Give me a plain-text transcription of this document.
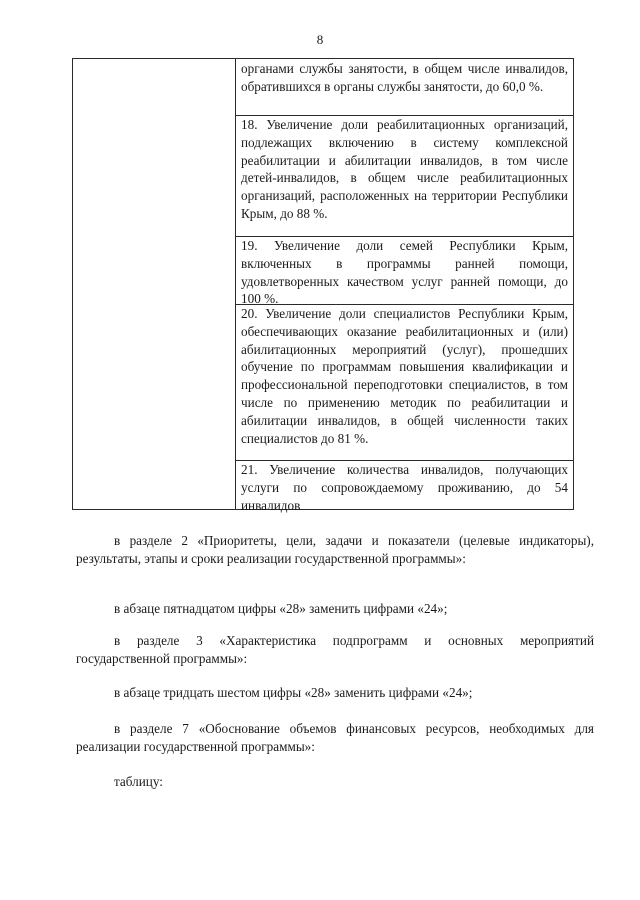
8
органами службы занятости, в общем числе инвалидов, обратившихся в органы службы занятости, до 60,0 %.
18. Увеличение доли реабилитационных организаций, подлежащих включению в систему комплексной реабилитации и абилитации инвалидов, в том числе детей-инвалидов, в общем числе реабилитационных организаций, расположенных на территории Республики Крым, до 88 %.
19. Увеличение доли семей Республики Крым, включенных в программы ранней помощи, удовлетворенных качеством услуг ранней помощи, до 100 %.
20. Увеличение доли специалистов Республики Крым, обеспечивающих оказание реабилитационных и (или) абилитационных мероприятий (услуг), прошедших обучение по программам повышения квалификации и профессиональной переподготовки специалистов, в том числе по применению методик по реабилитации и абилитации инвалидов, в общей численности таких специалистов до 81 %.
21. Увеличение количества инвалидов, получающих услуги по сопровождаемому проживанию, до 54 инвалидов
в разделе 2 «Приоритеты, цели, задачи и показатели (целевые индикаторы), результаты, этапы и сроки реализации государственной программы»:
в абзаце пятнадцатом цифры «28» заменить цифрами «24»;
в разделе 3 «Характеристика подпрограмм и основных мероприятий государственной программы»:
в абзаце тридцать шестом цифры «28» заменить цифрами «24»;
в разделе 7 «Обоснование объемов финансовых ресурсов, необходимых для реализации государственной программы»:
таблицу:
